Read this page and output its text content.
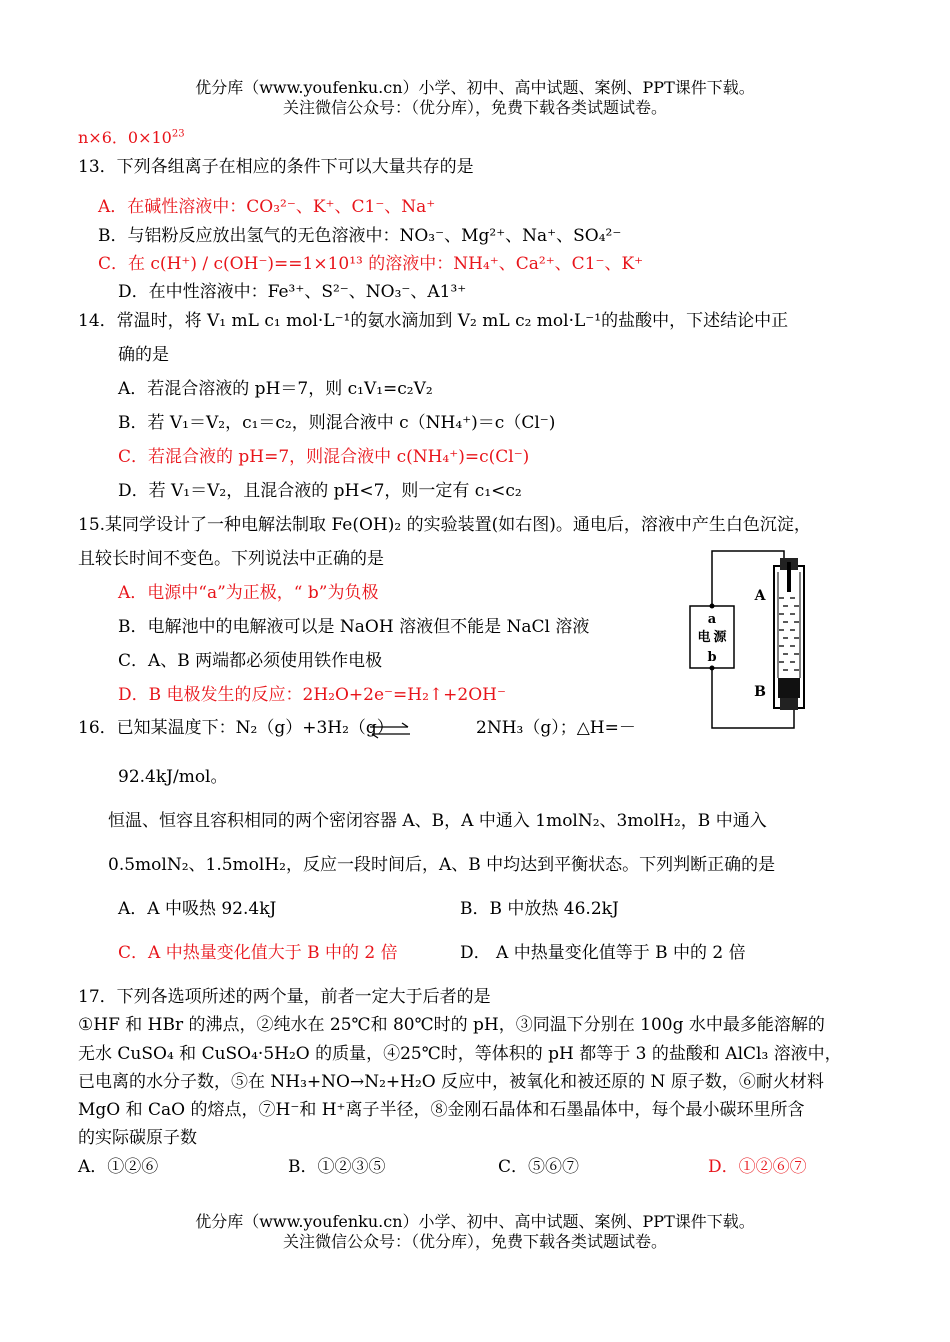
优分库（www.youfenku.cn）小学、初中、高中试题、案例、PPT课件下载。
关注微信公众号：（优分库），免费下载各类试题试卷。
n×6．$0\times 10^{23}$
13．下列各组离子在相应的条件下可以大量共存的是
A．在碱性溶液中：CO₃²⁻、K⁺、C1⁻、Na⁺
B．与铝粉反应放出氢气的无色溶液中：NO₃⁻、Mg²⁺、Na⁺、SO₄²⁻
C．在 c(H⁺) / c(OH⁻)==1×10¹³ 的溶液中：NH₄⁺、Ca²⁺、C1⁻、K⁺
D．在中性溶液中：Fe³⁺、S²⁻、NO₃⁻、A1³⁺
14．常温时，将 V₁ mL c₁ mol·L⁻¹的氨水滴加到 V₂ mL c₂ mol·L⁻¹的盐酸中，下述结论中正
确的是
A．若混合溶液的 pH＝7，则 c₁V₁=c₂V₂
B．若 V₁＝V₂，c₁＝c₂，则混合液中 c（NH₄⁺)＝c（Cl⁻)
C．若混合液的 pH=7，则混合液中 c(NH₄⁺)=c(Cl⁻)
D．若 V₁＝V₂，且混合液的 pH<7，则一定有 c₁<c₂
15.某同学设计了一种电解法制取 Fe(OH)₂ 的实验装置(如右图)。通电后，溶液中产生白色沉淀，
且较长时间不变色。下列说法中正确的是
A．电源中“a”为正极，“ b”为负极
B．电解池中的电解液可以是 NaOH 溶液但不能是 NaCl 溶液
C．A、B 两端都必须使用铁作电极
D．B 电极发生的反应：2H₂O+2e⁻=H₂↑+2OH⁻
a
电 源
b
A
B
16．已知某温度下：N₂（g）+3H₂（g）	2NH₃（g）；△H=－
92.4kJ/mol。
恒温、恒容且容积相同的两个密闭容器 A、B，A 中通入 1molN₂、3molH₂，B 中通入
0.5molN₂、1.5molH₂，反应一段时间后，A、B 中均达到平衡状态。下列判断正确的是
A．A 中吸热 92.4kJ	B．B 中放热 46.2kJ
C．A 中热量变化值大于 B 中的 2 倍	D． A 中热量变化值等于 B 中的 2 倍
17．下列各选项所述的两个量，前者一定大于后者的是
①HF 和 HBr 的沸点，②纯水在 25℃和 80℃时的 pH，③同温下分别在 100g 水中最多能溶解的
无水 CuSO₄ 和 CuSO₄·5H₂O 的质量，④25℃时，等体积的 pH 都等于 3 的盐酸和 AlCl₃ 溶液中，
已电离的水分子数，⑤在 NH₃+NO→N₂+H₂O 反应中，被氧化和被还原的 N 原子数，⑥耐火材料
MgO 和 CaO 的熔点，⑦H⁻和 H⁺离子半径，⑧金刚石晶体和石墨晶体中，每个最小碳环里所含
的实际碳原子数
A．①②⑥	B．①②③⑤	C．⑤⑥⑦	D．①②⑥⑦
优分库（www.youfenku.cn）小学、初中、高中试题、案例、PPT课件下载。
关注微信公众号：（优分库），免费下载各类试题试卷。
